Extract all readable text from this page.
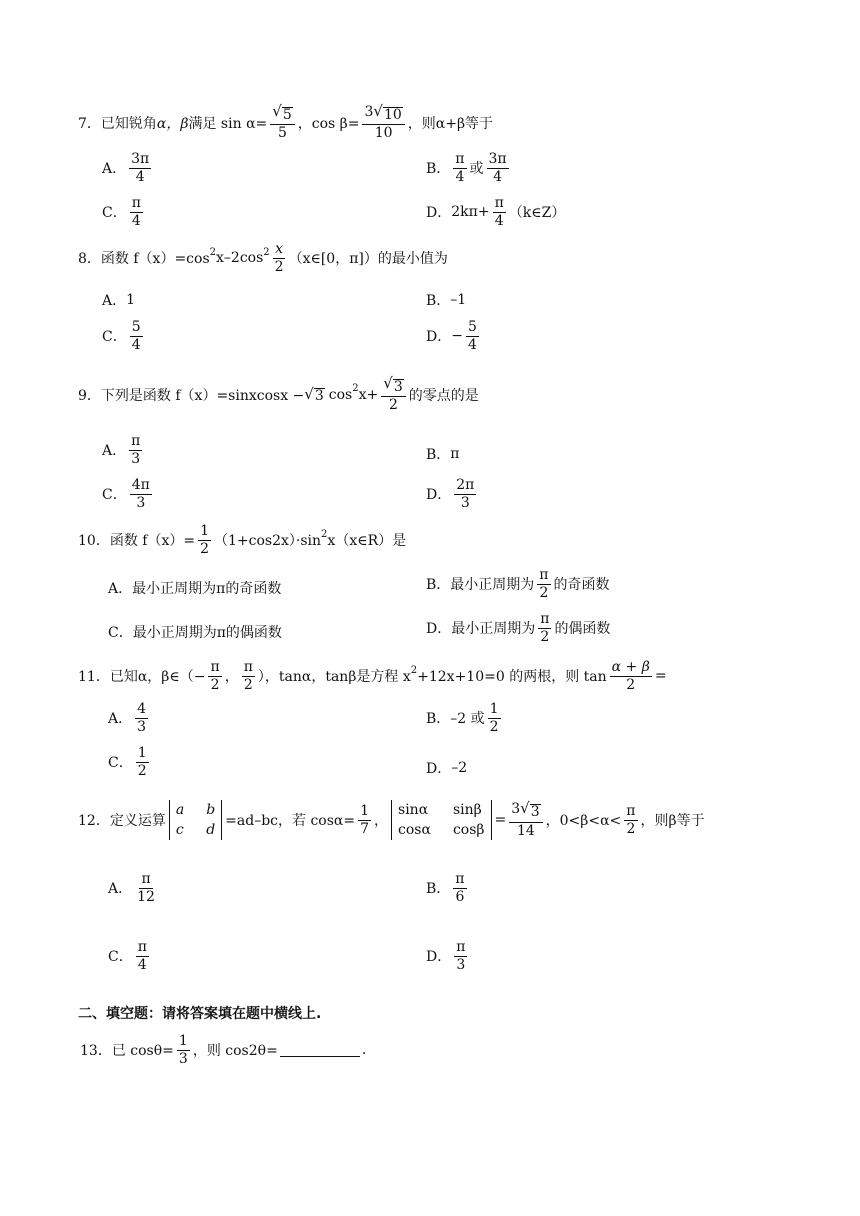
7． 已知锐角 α，β 满足 $\sin \alpha= \frac{√ 5}{5}$ ，$\cos \beta= \frac{3 √ 10}{10}$ ，则α+β等于
A． $\frac{3\pi}{4}$	B． $\frac{\pi}{4}$ 或 $\frac{3\pi}{4}$
C． $\frac{\pi}{4}$	D． $2k\pi+ \frac{\pi}{4}$ （k∈Z）
8． 函数 f（x）=cos 2 x–2cos $2 \frac{x}{2}$ （x∈[0，π]）的最小值为
A． 1	B． –1
C． $\frac{5}{4}$	D． − $\frac{5}{4}$
9． 下列是函数 f（x）=sinxcosx − √ 3 cos 2 $x+ \frac{√ 3}{2}$ 的零点的是
A． $\frac{\pi}{3}$	B． π
C． $\frac{4\pi}{3}$	D． $\frac{2\pi}{3}$
10． 函数 $f(x)= \frac{1}{2} (1+\cos 2x)\cdot\sin$ 2 x（x∈R）是
A． 最小正周期为π的奇函数	B． 最小正周期为 $\frac{\pi}{2}$ 的奇函数
C． 最小正周期为π的偶函数	D． 最小正周期为 $\frac{\pi}{2}$ 的偶函数
11． 已知α，β∈（− $\frac{\pi}{2}$ ， $\frac{\pi}{2}$ ），tanα，tanβ是方程 x 2 +12x+10=0 的两根，则 $\tan \frac{\alpha + \beta}{2}$ =
A． $\frac{4}{3}$	B． –2 或 $\frac{1}{2}$
C． $\frac{1}{2}$	D． –2
12． 定义运算
a b
c d
=ad–bc，若 $\cos\alpha= \frac{1}{7}$ ，
sinα sinβ
cosα cosβ
= $\frac{3 √ 3}{14}$ ，$0<\beta<\alpha< \frac{\pi}{2}$ ，则β等于
A． $\frac{\pi}{12}$	B． $\frac{\pi}{6}$
C． $\frac{\pi}{4}$	D． $\frac{\pi}{3}$
二、填空题：请将答案填在题中横线上.
13． 已 $\cos\theta= \frac{1}{3}$ ，则 cos2θ=	.
